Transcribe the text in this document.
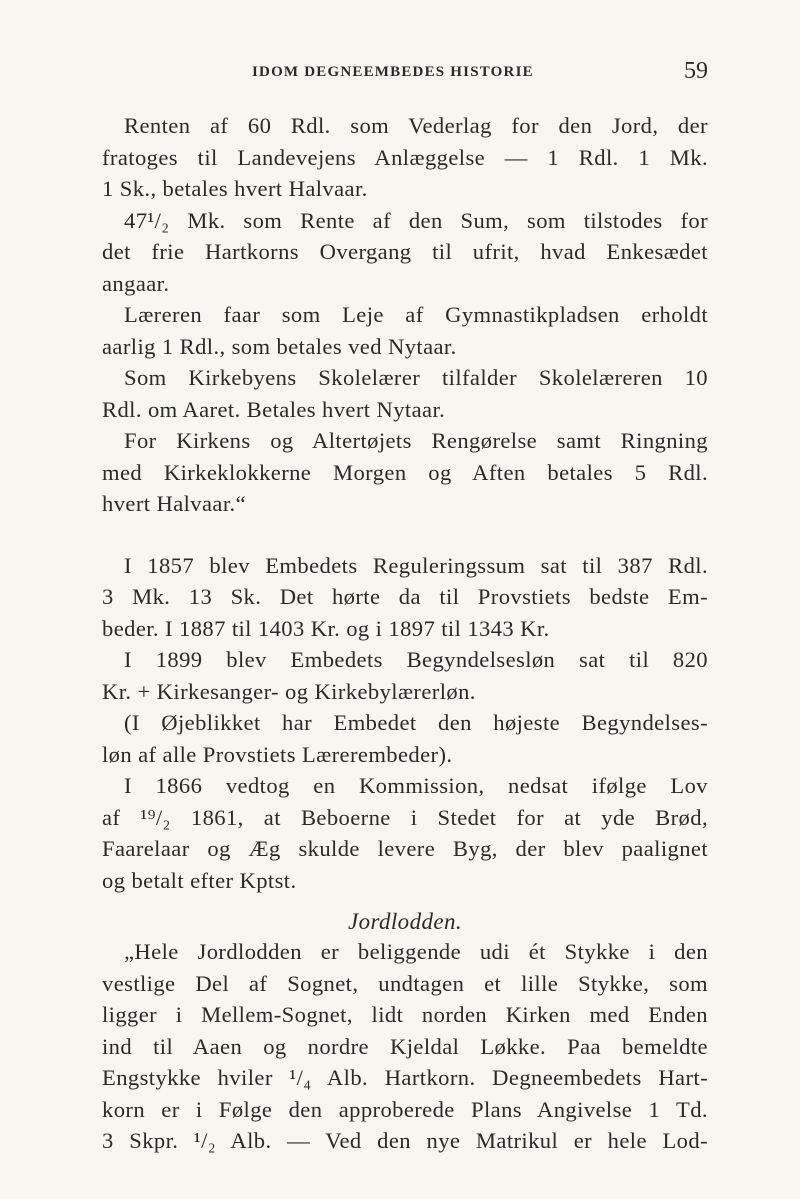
IDOM DEGNEEMBEDES HISTORIE	59
Renten af 60 Rdl. som Vederlag for den Jord, der
fratoges til Landevejens Anlæggelse — 1 Rdl. 1 Mk.
1 Sk., betales hvert Halvaar.
47¹/₂ Mk. som Rente af den Sum, som tilstodes for
det frie Hartkorns Overgang til ufrit, hvad Enkesædet
angaar.
Læreren faar som Leje af Gymnastikpladsen erholdt
aarlig 1 Rdl., som betales ved Nytaar.
Som Kirkebyens Skolelærer tilfalder Skolelæreren 10
Rdl. om Aaret. Betales hvert Nytaar.
For Kirkens og Altertøjets Rengørelse samt Ringning
med Kirkeklokkerne Morgen og Aften betales 5 Rdl.
hvert Halvaar.“
I 1857 blev Embedets Reguleringssum sat til 387 Rdl.
3 Mk. 13 Sk. Det hørte da til Provstiets bedste Em-
beder. I 1887 til 1403 Kr. og i 1897 til 1343 Kr.
I 1899 blev Embedets Begyndelsesløn sat til 820
Kr. + Kirkesanger- og Kirkebylærerløn.
(I Øjeblikket har Embedet den højeste Begyndelses-
løn af alle Provstiets Lærerembeder).
I 1866 vedtog en Kommission, nedsat ifølge Lov
af ¹⁹/₂ 1861, at Beboerne i Stedet for at yde Brød,
Faarelaar og Æg skulde levere Byg, der blev paalignet
og betalt efter Kptst.
Jordlodden.
„Hele Jordlodden er beliggende udi ét Stykke i den
vestlige Del af Sognet, undtagen et lille Stykke, som
ligger i Mellem-Sognet, lidt norden Kirken med Enden
ind til Aaen og nordre Kjeldal Løkke. Paa bemeldte
Engstykke hviler ¹/₄ Alb. Hartkorn. Degneembedets Hart-
korn er i Følge den approberede Plans Angivelse 1 Td.
3 Skpr. ¹/₂ Alb. — Ved den nye Matrikul er hele Lod-
